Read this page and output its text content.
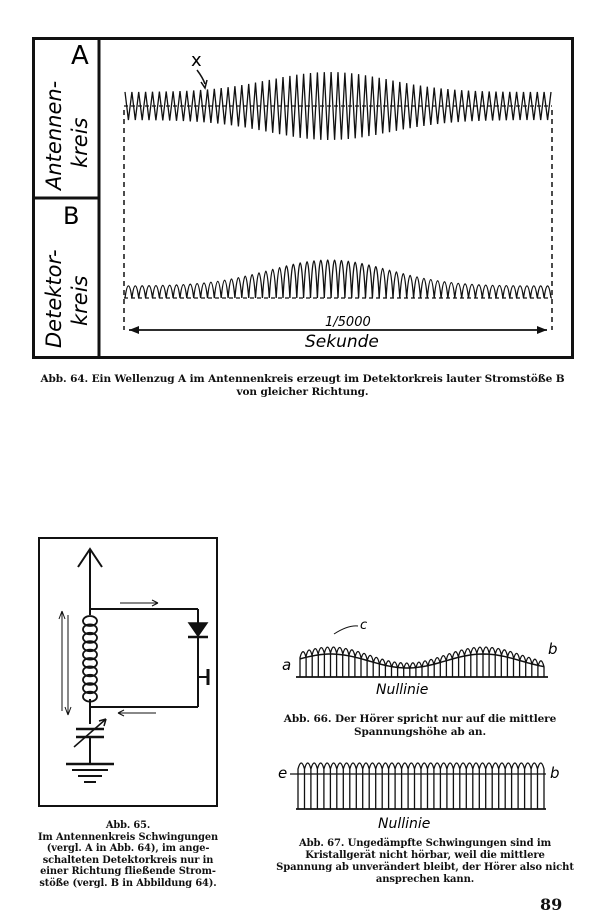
A
B
Antennen- kreis
Detektor- kreis
x
1/5000
Sekunde
Abb. 64. Ein Wellenzug A im Antennenkreis erzeugt im Detektorkreis lauter Stromstöße B von gleicher Richtung.
Abb. 65.
Im Antennenkreis Schwingungen
(vergl. A in Abb. 64), im ange-
schalteten Detektorkreis nur in
einer Richtung fließende Strom-
stöße (vergl. B in Abbildung 64).
a
b
c
Nullinie
Abb. 66. Der Hörer spricht nur auf die mittlere Spannungshöhe ab an.
e	b
Nullinie
Abb. 67. Ungedämpfte Schwingungen sind im Kristallgerät nicht hörbar, weil die mittlere Spannung ab unverändert bleibt, der Hörer also nicht ansprechen kann.
89
